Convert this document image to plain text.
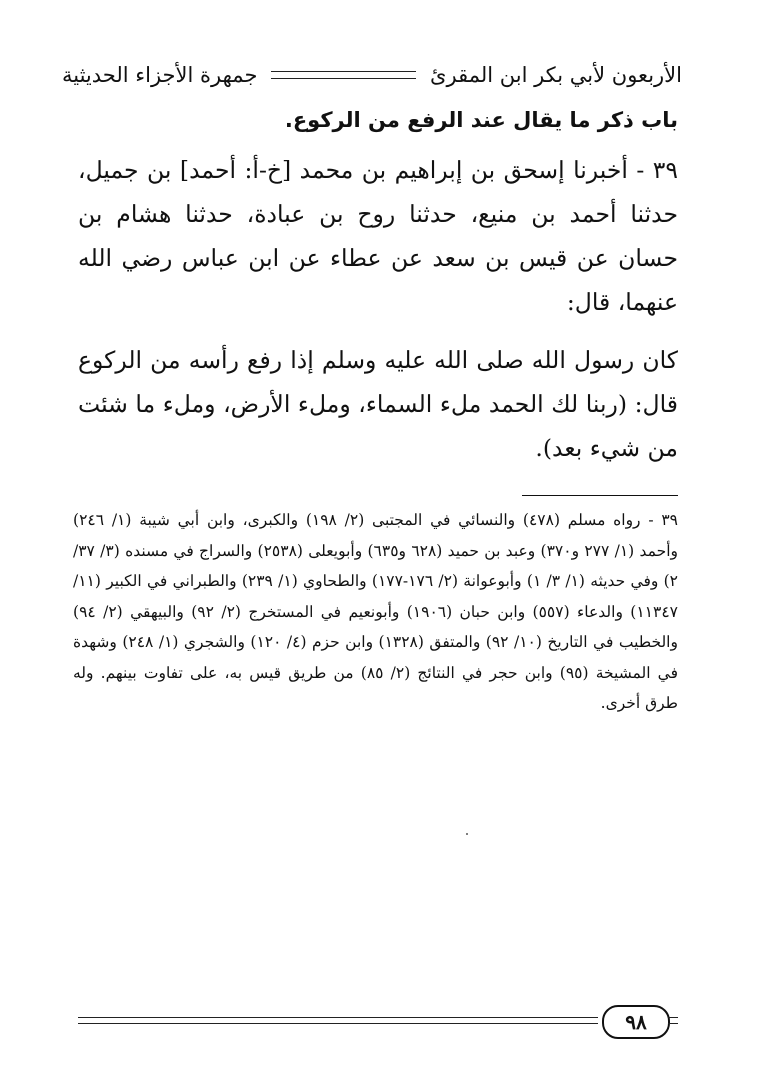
الأربعون لأبي بكر ابن المقرئ
جمهرة الأجزاء الحديثية
باب ذكر ما يقال عند الرفع من الركوع.

٣٩ - أخبرنا إسحق بن إبراهيم بن محمد [خ-أ: أحمد] بن جميل، حدثنا أحمد بن منيع، حدثنا روح بن عبادة، حدثنا هشام بن حسان عن قيس بن سعد عن عطاء عن ابن عباس رضي الله عنهما، قال:

كان رسول الله صلى الله عليه وسلم إذا رفع رأسه من الركوع قال: (ربنا لك الحمد ملء السماء، وملء الأرض، وملء ما شئت من شيء بعد).

٣٩ - رواه مسلم (٤٧٨) والنسائي في المجتبى (٢/ ١٩٨) والكبرى، وابن أبي شيبة (١/ ٢٤٦) وأحمد (١/ ٢٧٧ و٣٧٠) وعبد بن حميد (٦٢٨ و٦٣٥) وأبويعلى (٢٥٣٨) والسراج في مسنده (٣/ ٣٧/ ٢) وفي حديثه (١/ ٣/ ١) وأبوعوانة (٢/ ١٧٦-١٧٧) والطحاوي (١/ ٢٣٩) والطبراني في الكبير (١١/ ١١٣٤٧) والدعاء (٥٥٧) وابن حبان (١٩٠٦) وأبونعيم في المستخرج (٢/ ٩٢) والبيهقي (٢/ ٩٤) والخطيب في التاريخ (١٠/ ٩٢) والمتفق (١٣٢٨) وابن حزم (٤/ ١٢٠) والشجري (١/ ٢٤٨) وشهدة في المشيخة (٩٥) وابن حجر في النتائج (٢/ ٨٥) من طريق قيس به، على تفاوت بينهم. وله طرق أخرى.

٩٨
